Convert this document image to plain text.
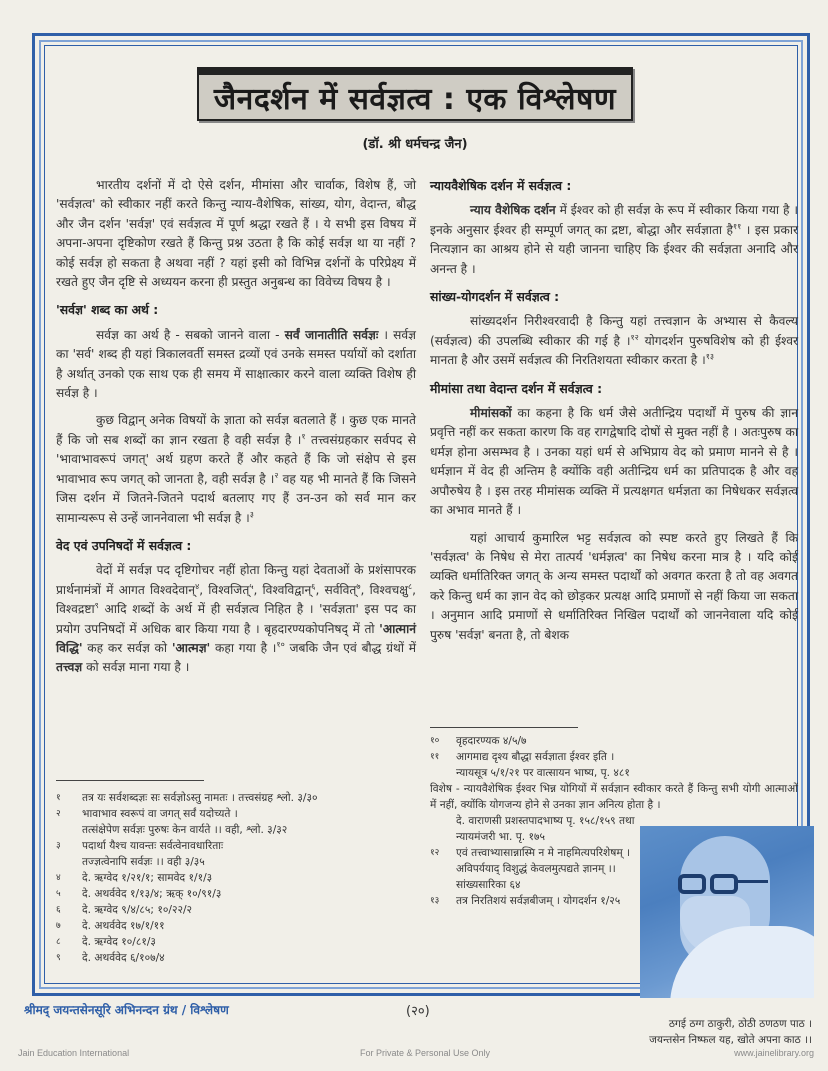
जैनदर्शन में सर्वज्ञत्व : एक विश्लेषण
(डॉ. श्री धर्मचन्द्र जैन)

भारतीय दर्शनों में दो ऐसे दर्शन, मीमांसा और चार्वाक, विशेष हैं, जो 'सर्वज्ञत्व' को स्वीकार नहीं करते किन्तु न्याय-वैशेषिक, सांख्य, योग, वेदान्त, बौद्ध और जैन दर्शन 'सर्वज्ञ' एवं सर्वज्ञत्व में पूर्ण श्रद्धा रखते हैं । ये सभी इस विषय में अपना-अपना दृष्टिकोण रखते हैं किन्तु प्रश्न उठता है कि कोई सर्वज्ञ था या नहीं ? कोई सर्वज्ञ हो सकता है अथवा नहीं ? यहां इसी को विभिन्न दर्शनों के परिप्रेक्ष्य में रखते हुए जैन दृष्टि से अध्ययन करना ही प्रस्तुत अनुबन्ध का विवेच्य विषय है ।

'सर्वज्ञ' शब्द का अर्थ :

सर्वज्ञ का अर्थ है - सबको जानने वाला - सर्वं जानातीति सर्वज्ञः । सर्वज्ञ का 'सर्व' शब्द ही यहां त्रिकालवर्ती समस्त द्रव्यों एवं उनके समस्त पर्यायों को दर्शाता है अर्थात् उनको एक साथ एक ही समय में साक्षात्कार करने वाला व्यक्ति विशेष ही सर्वज्ञ है ।

कुछ विद्वान् अनेक विषयों के ज्ञाता को सर्वज्ञ बतलाते हैं । कुछ एक मानते हैं कि जो सब शब्दों का ज्ञान रखता है वही सर्वज्ञ है ।$^१$ तत्त्वसंग्रहकार सर्वपद से 'भावाभावरूपं जगत्' अर्थ ग्रहण करते हैं और कहते हैं कि जो संक्षेप से इस भावाभाव रूप जगत् को जानता है, वही सर्वज्ञ है ।$^२$ वह यह भी मानते हैं कि जिसने जिस दर्शन में जितने-जितने पदार्थ बतलाए गए हैं उन-उन को सर्व मान कर सामान्यरूप से उन्हें जाननेवाला भी सर्वज्ञ है ।$^३$

वेद एवं उपनिषदों में सर्वज्ञत्व :

वेदों में सर्वज्ञ पद दृष्टिगोचर नहीं होता किन्तु यहां देवताओं के प्रशंसापरक प्रार्थनामंत्रों में आगत विश्वदेवान्$^४$, विश्वजित्$^५$, विश्वविद्वान्$^६$, सर्ववित्$^७$, विश्वचक्षु$^८$, विश्वद्रष्टा$^९$ आदि शब्दों के अर्थ में ही सर्वज्ञत्व निहित है । 'सर्वज्ञता' इस पद का प्रयोग उपनिषदों में अधिक बार किया गया है । बृहदारण्यकोपनिषद् में तो 'आत्मानं विद्धि' कह कर सर्वज्ञ को 'आत्मज्ञ' कहा गया है ।$^{१०}$ जबकि जैन एवं बौद्ध ग्रंथों में तत्त्वज्ञ को सर्वज्ञ माना गया है ।

१	तत्र यः सर्वशब्दज्ञः सः सर्वज्ञोऽस्तु नामतः । तत्त्वसंग्रह श्लो. ३/३०
२	भावाभाव स्वरूपं वा जगत् सर्वं यदोच्यते ।
तत्संक्षेपेण सर्वज्ञः पुरुषः केन वार्यते ।। वही, श्लो. ३/३२
३	पदार्था यैश्च यावन्तः सर्वत्वेनावधारिताः
तज्ज्ञत्वेनापि सर्वज्ञः ।। वही ३/३५
४	दे. ऋग्वेद १/२१/१; सामवेद १/१/३
५	दे. अथर्ववेद १/१३/४; ऋक् १०/९१/३
६	दे. ऋग्वेद ९/४/८५; १०/२२/२
७	दे. अथर्ववेद १७/१/११
८	दे. ऋग्वेद १०/८१/३
९	दे. अथर्ववेद ६/१०७/४

न्यायवैशेषिक दर्शन में सर्वज्ञत्व :

न्याय वैशेषिक दर्शन में ईश्वर को ही सर्वज्ञ के रूप में स्वीकार किया गया है । इनके अनुसार ईश्वर ही सम्पूर्ण जगत् का द्रष्टा, बोद्धा और सर्वज्ञाता है$^{११}$ । इस प्रकार नित्यज्ञान का आश्रय होने से यही जानना चाहिए कि ईश्वर की सर्वज्ञता अनादि और अनन्त है ।

सांख्य-योगदर्शन में सर्वज्ञत्व :

सांख्यदर्शन निरीश्वरवादी है किन्तु यहां तत्त्वज्ञान के अभ्यास से कैवल्य (सर्वज्ञत्व) की उपलब्धि स्वीकार की गई है ।$^{१२}$ योगदर्शन पुरुषविशेष को ही ईश्वर मानता है और उसमें सर्वज्ञत्व की निरतिशयता स्वीकार करता है ।$^{१३}$

मीमांसा तथा वेदान्त दर्शन में सर्वज्ञत्व :

मीमांसकों का कहना है कि धर्म जैसे अतीन्द्रिय पदार्थों में पुरुष की ज्ञान प्रवृत्ति नहीं कर सकता कारण कि वह रागद्वेषादि दोषों से मुक्त नहीं है । अतःपुरुष का धर्मज्ञ होना असम्भव है । उनका यहां धर्म से अभिप्राय वेद को प्रमाण मानने से है । धर्मज्ञान में वेद ही अन्तिम है क्योंकि वही अतीन्द्रिय धर्म का प्रतिपादक है और वह अपौरुषेय है । इस तरह मीमांसक व्यक्ति में प्रत्यक्षगत धर्मज्ञता का निषेधकर सर्वज्ञत्व का अभाव मानते हैं ।

यहां आचार्य कुमारिल भट्ट सर्वज्ञत्व को स्पष्ट करते हुए लिखते हैं कि 'सर्वज्ञत्व' के निषेध से मेरा तात्पर्य 'धर्मज्ञत्व' का निषेध करना मात्र है । यदि कोई व्यक्ति धर्मातिरिक्त जगत् के अन्य समस्त पदार्थों को अवगत करता है तो वह अवगत करे किन्तु धर्म का ज्ञान वेद को छोड़कर प्रत्यक्ष आदि प्रमाणों से नहीं किया जा सकता । अनुमान आदि प्रमाणों से धर्मातिरिक्त निखिल पदार्थों को जाननेवाला यदि कोई पुरुष 'सर्वज्ञ' बनता है, तो बेशक

१०	वृहदारण्यक ४/५/७
११	आगमाद्य दृश्य बौद्धा सर्वज्ञाता ईश्वर इति ।
न्यायसूत्र ५/१/२१ पर वात्सायन भाष्य, पृ. ४८१
विशेष - न्यायवैशेषिक ईश्वर भिन्न योगियों में सर्वज्ञान स्वीकार करते हैं किन्तु सभी योगी आत्माओं में नहीं, क्योंकि योगजन्य होने से उनका ज्ञान अनित्य होता है ।
दे. वाराणसी प्रशस्तपादभाष्य पृ. १५८/१५९ तथा न्यायमंजरी भा. पृ. १७५
१२	एवं तत्त्वाभ्यासान्नास्मि न मे नाहमित्यपरिशेषम् । अविपर्ययाद् विशुद्धं केवलमुत्पद्यते ज्ञानम् ।। सांख्यसारिका ६४
१३	तत्र निरतिशयं सर्वज्ञबीजम् । योगदर्शन १/२५
श्रीमद् जयन्तसेनसूरि अभिनन्दन ग्रंथ / विश्लेषण	(२०)
ठगई ठग्ग ठाकुरी, ठोठी ठणठण पाठ ।
जयन्तसेन निष्फल यह, खोते अपना काठ ।।
Jain Education International	For Private & Personal Use Only	www.jainelibrary.org
